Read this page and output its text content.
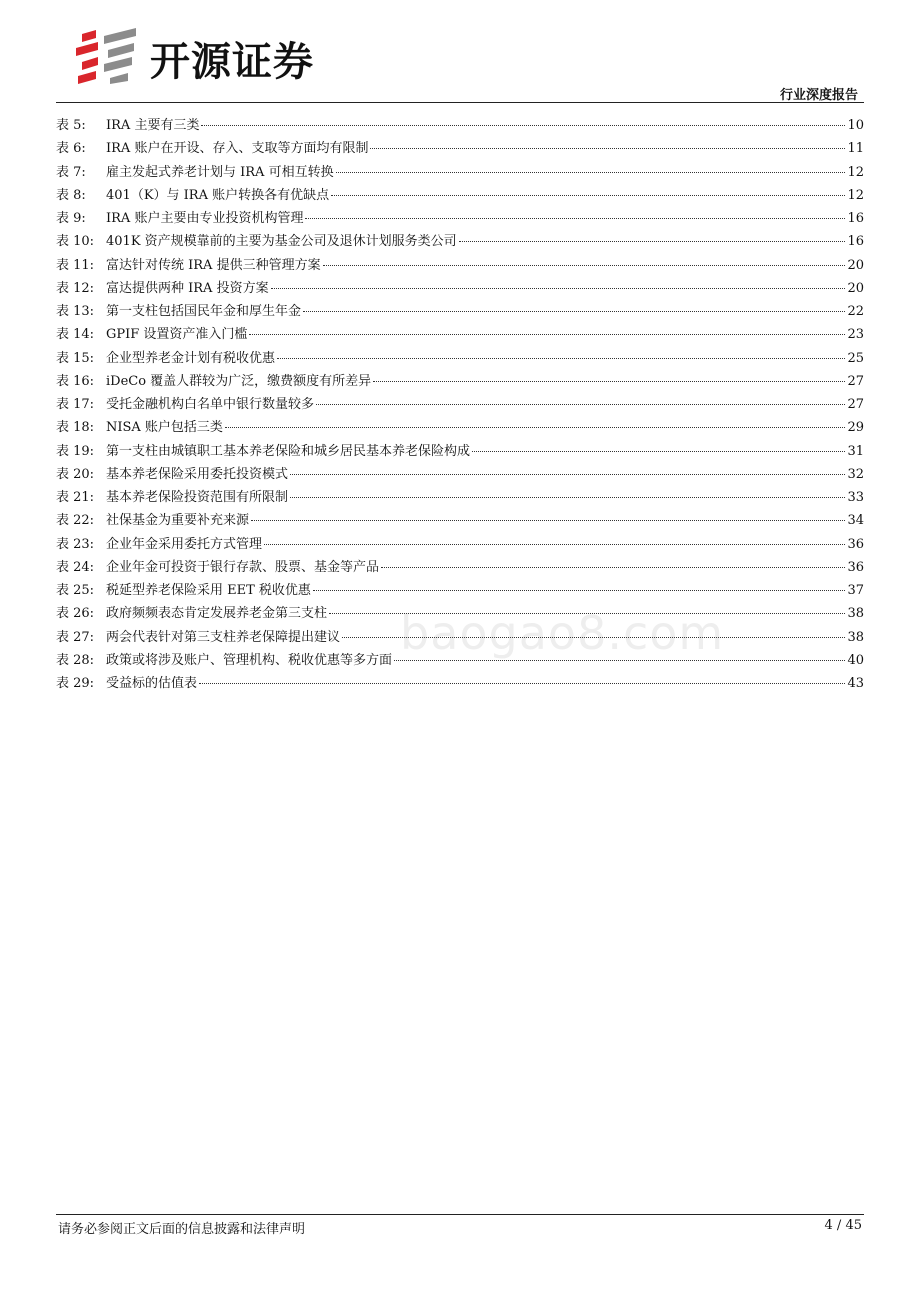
开源证券
行业深度报告
表 5:	IRA 主要有三类	10
表 6:	IRA 账户在开设、存入、支取等方面均有限制	11
表 7:	雇主发起式养老计划与 IRA 可相互转换	12
表 8:	401（K）与 IRA 账户转换各有优缺点	12
表 9:	IRA 账户主要由专业投资机构管理	16
表 10: 401K 资产规模靠前的主要为基金公司及退休计划服务类公司	16
表 11: 富达针对传统 IRA 提供三种管理方案	20
表 12: 富达提供两种 IRA 投资方案	20
表 13: 第一支柱包括国民年金和厚生年金	22
表 14: GPIF 设置资产准入门槛	23
表 15: 企业型养老金计划有税收优惠	25
表 16: iDeCo 覆盖人群较为广泛，缴费额度有所差异	27
表 17: 受托金融机构白名单中银行数量较多	27
表 18: NISA 账户包括三类	29
表 19: 第一支柱由城镇职工基本养老保险和城乡居民基本养老保险构成	31
表 20: 基本养老保险采用委托投资模式	32
表 21: 基本养老保险投资范围有所限制	33
表 22: 社保基金为重要补充来源	34
表 23: 企业年金采用委托方式管理	36
表 24: 企业年金可投资于银行存款、股票、基金等产品	36
表 25: 税延型养老保险采用 EET 税收优惠	37
表 26: 政府频频表态肯定发展养老金第三支柱	38
表 27: 两会代表针对第三支柱养老保障提出建议	38
表 28: 政策或将涉及账户、管理机构、税收优惠等多方面	40
表 29: 受益标的估值表	43
baogao8.com
请务必参阅正文后面的信息披露和法律声明	4 / 45
